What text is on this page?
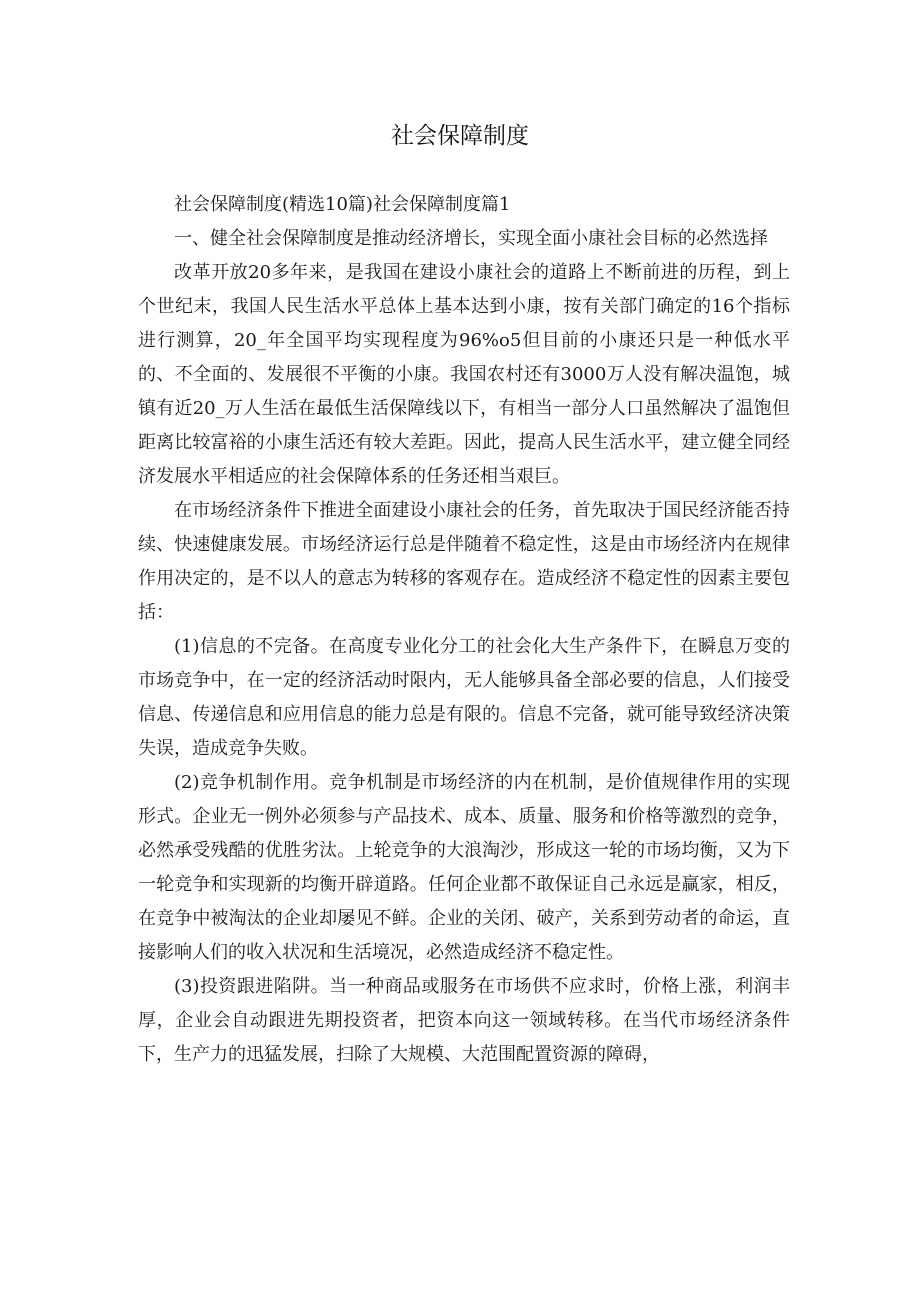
社会保障制度

社会保障制度(精选10篇)社会保障制度篇1

一、健全社会保障制度是推动经济增长，实现全面小康社会目标的必然选择

改革开放20多年来，是我国在建设小康社会的道路上不断前进的历程，到上个世纪末，我国人民生活水平总体上基本达到小康，按有关部门确定的16个指标进行测算，20_年全国平均实现程度为96%o5但目前的小康还只是一种低水平的、不全面的、发展很不平衡的小康。我国农村还有3000万人没有解决温饱，城镇有近20_万人生活在最低生活保障线以下，有相当一部分人口虽然解决了温饱但距离比较富裕的小康生活还有较大差距。因此，提高人民生活水平，建立健全同经济发展水平相适应的社会保障体系的任务还相当艰巨。

在市场经济条件下推进全面建设小康社会的任务，首先取决于国民经济能否持续、快速健康发展。市场经济运行总是伴随着不稳定性，这是由市场经济内在规律作用决定的，是不以人的意志为转移的客观存在。造成经济不稳定性的因素主要包括：

(1)信息的不完备。在高度专业化分工的社会化大生产条件下，在瞬息万变的市场竞争中，在一定的经济活动时限内，无人能够具备全部必要的信息，人们接受信息、传递信息和应用信息的能力总是有限的。信息不完备，就可能导致经济决策失误，造成竞争失败。

(2)竞争机制作用。竞争机制是市场经济的内在机制，是价值规律作用的实现形式。企业无一例外必须参与产品技术、成本、质量、服务和价格等激烈的竞争，必然承受残酷的优胜劣汰。上轮竞争的大浪淘沙，形成这一轮的市场均衡，又为下一轮竞争和实现新的均衡开辟道路。任何企业都不敢保证自己永远是赢家，相反，在竞争中被淘汰的企业却屡见不鲜。企业的关闭、破产，关系到劳动者的命运，直接影响人们的收入状况和生活境况，必然造成经济不稳定性。

(3)投资跟进陷阱。当一种商品或服务在市场供不应求时，价格上涨，利润丰厚，企业会自动跟进先期投资者，把资本向这一领域转移。在当代市场经济条件下，生产力的迅猛发展，扫除了大规模、大范围配置资源的障碍，
